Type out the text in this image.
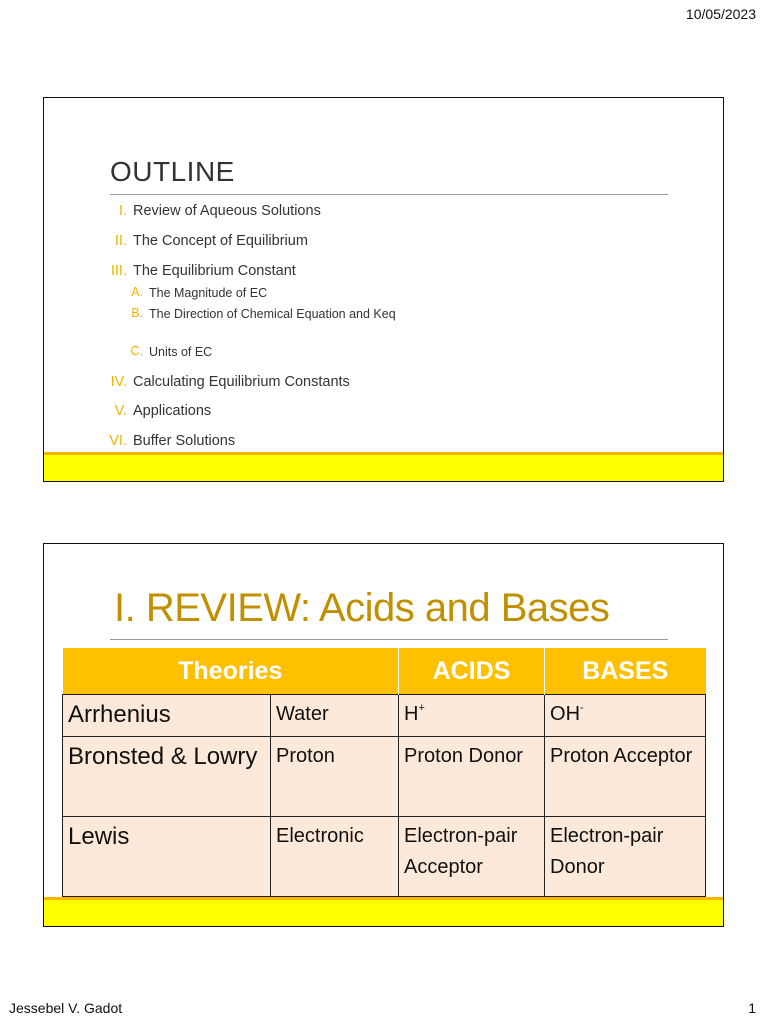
10/05/2023
OUTLINE
I. Review of Aqueous Solutions
II. The Concept of Equilibrium
III. The Equilibrium Constant
A. The Magnitude of EC
B. The Direction of Chemical Equation and Keq
C. Units of EC
IV. Calculating Equilibrium Constants
V. Applications
VI. Buffer Solutions
I. REVIEW: Acids and Bases
Theories		ACIDS	BASES
Arrhenius	Water	H+	OH-
Bronsted & Lowry	Proton	Proton Donor	Proton Acceptor
Lewis	Electronic	Electron-pair Acceptor	Electron-pair Donor
Jessebel V. Gadot	1
